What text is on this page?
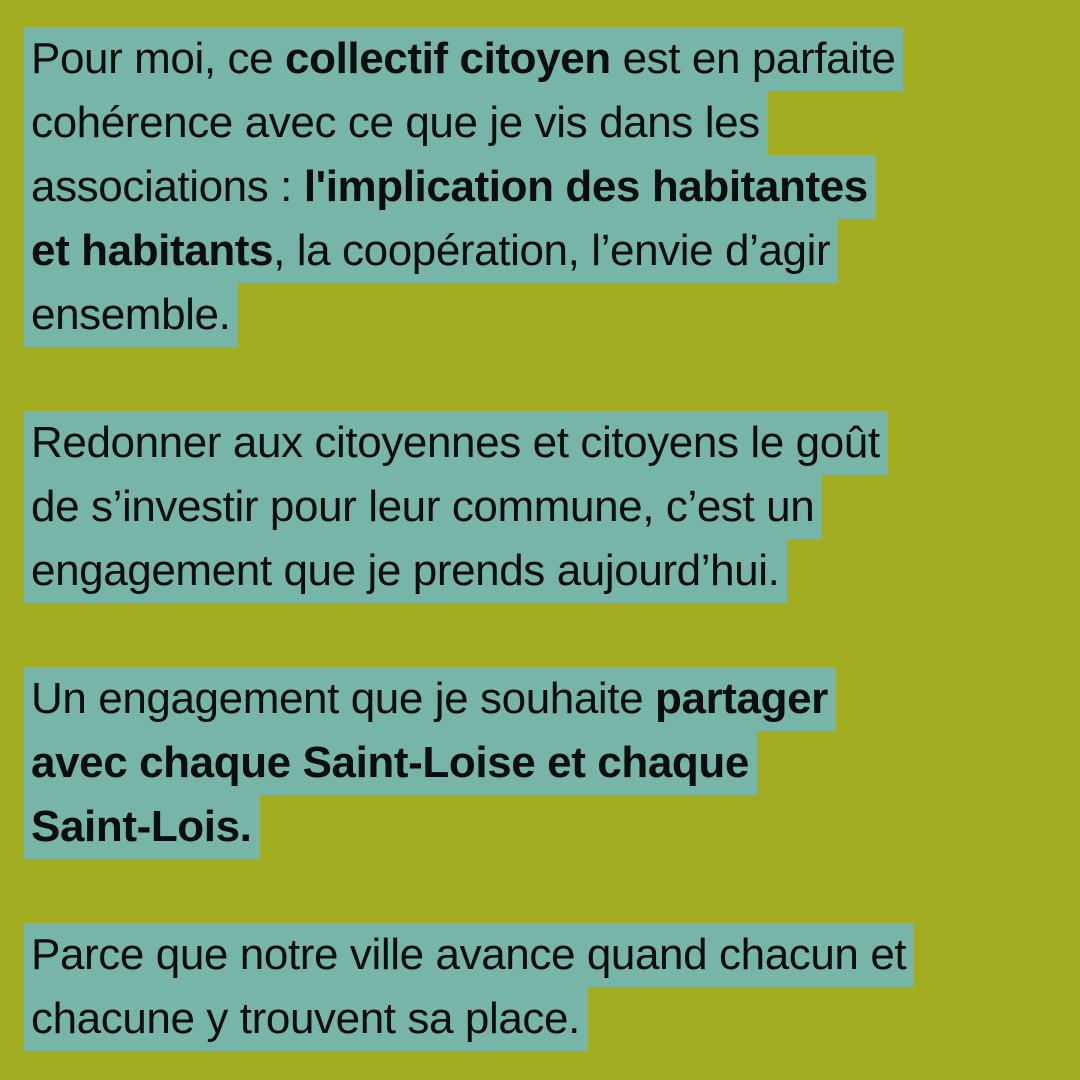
Pour moi, ce collectif citoyen est en parfaite
cohérence avec ce que je vis dans les
associations : l'implication des habitantes
et habitants, la coopération, l’envie d’agir
ensemble.
Redonner aux citoyennes et citoyens le goût
de s’investir pour leur commune, c’est un
engagement que je prends aujourd’hui.
Un engagement que je souhaite partager
avec chaque Saint-Loise et chaque
Saint-Lois.
Parce que notre ville avance quand chacun et
chacune y trouvent sa place.
